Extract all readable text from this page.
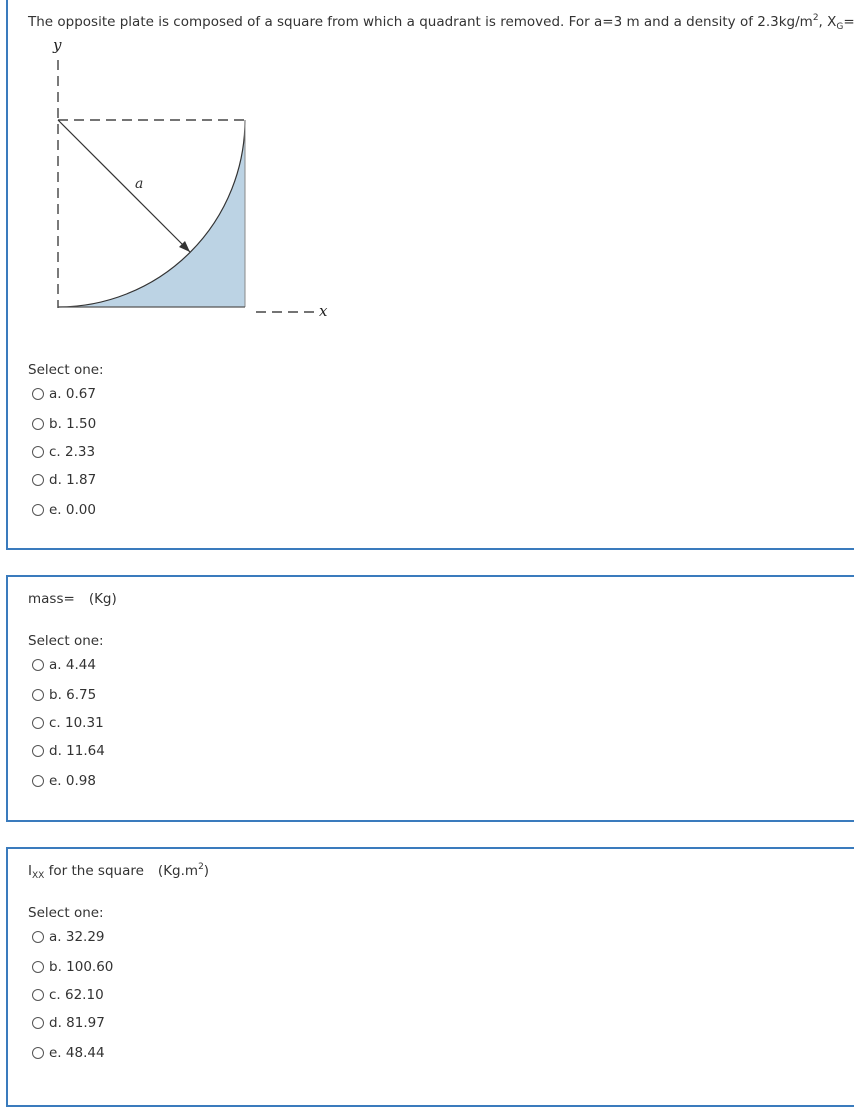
The opposite plate is composed of a square from which a quadrant is removed. For a=3 m and a density of $2.3kg/m^2$, $X_G=$
y
x
a
Select one:
a. 0.67
b. 1.50
c. 2.33
d. 1.87
e. 0.00
mass= (Kg)
Select one:
a. 4.44
b. 6.75
c. 10.31
d. 11.64
e. 0.98
$I_{XX}$ for the square $(Kg.m^2)$
Select one:
a. 32.29
b. 100.60
c. 62.10
d. 81.97
e. 48.44
